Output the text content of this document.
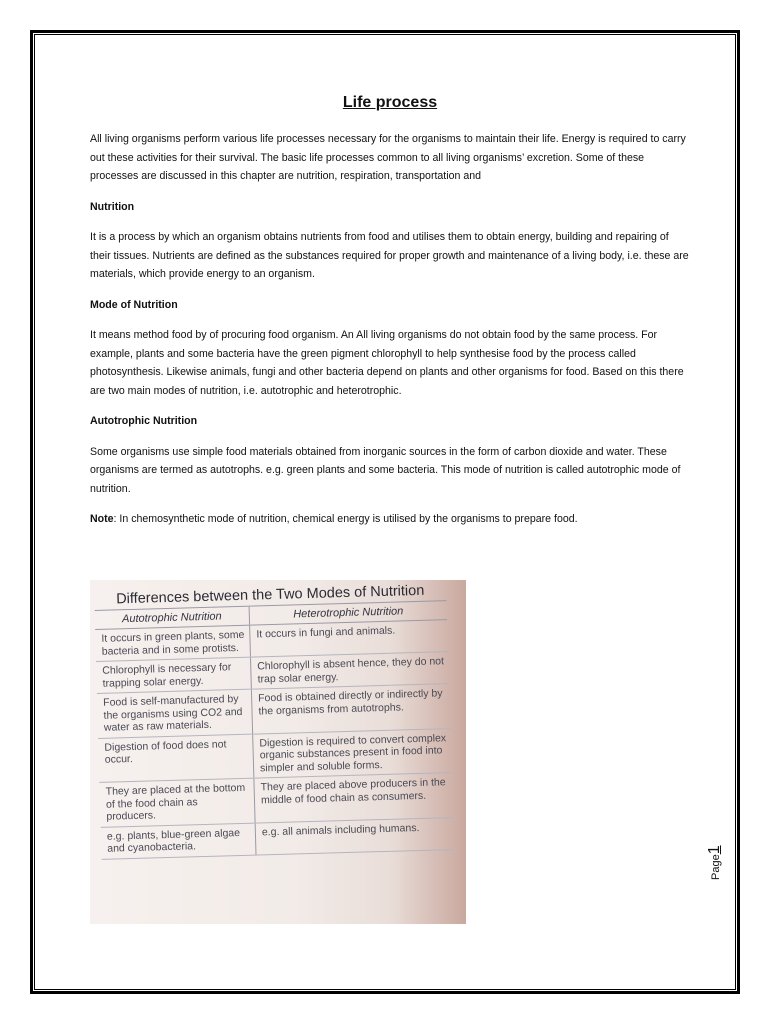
Life process

All living organisms perform various life processes necessary for the organisms to maintain their life. Energy is required to carry out these activities for their survival. The basic life processes common to all living organisms’ excretion. Some of these processes are discussed in this chapter are nutrition, respiration, transportation and

Nutrition

It is a process by which an organism obtains nutrients from food and utilises them to obtain energy, building and repairing of their tissues. Nutrients are defined as the substances required for proper growth and maintenance of a living body, i.e. these are materials, which provide energy to an organism.

Mode of Nutrition

It means method food by of procuring food organism. An All living organisms do not obtain food by the same process. For example, plants and some bacteria have the green pigment chlorophyll to help synthesise food by the process called photosynthesis. Likewise animals, fungi and other bacteria depend on plants and other organisms for food. Based on this there are two main modes of nutrition, i.e. autotrophic and heterotrophic.

Autotrophic Nutrition

Some organisms use simple food materials obtained from inorganic sources in the form of carbon dioxide and water. These organisms are termed as autotrophs. e.g. green plants and some bacteria. This mode of nutrition is called autotrophic mode of nutrition.

Note: In chemosynthetic mode of nutrition, chemical energy is utilised by the organisms to prepare food.

Differences between the Two Modes of Nutrition
Autotrophic Nutrition	Heterotrophic Nutrition
It occurs in green plants, some bacteria and in some protists.
It occurs in fungi and animals.
Chlorophyll is necessary for trapping solar energy.
Chlorophyll is absent hence, they do not trap solar energy.
Food is self-manufactured by the organisms using CO2 and water as raw materials.
Food is obtained directly or indirectly by the organisms from autotrophs.
Digestion of food does not occur.
Digestion is required to convert complex organic substances present in food into simpler and soluble forms.
They are placed at the bottom of the food chain as producers.
They are placed above producers in the middle of food chain as consumers.
e.g. plants, blue-green algae and cyanobacteria.
e.g. all animals including humans.
Page1
